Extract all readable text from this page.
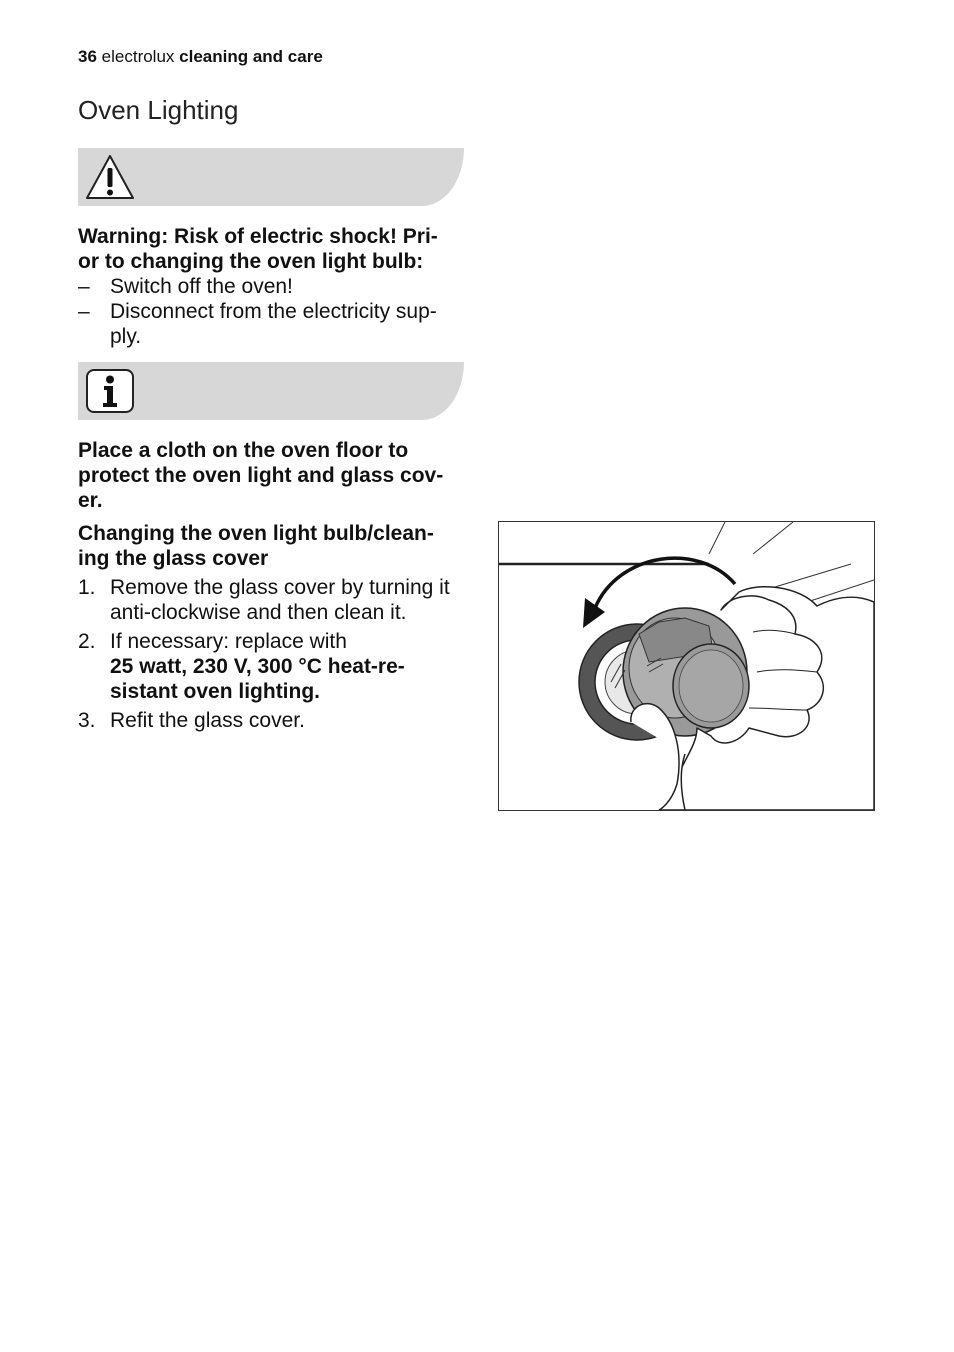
36 electrolux cleaning and care
Oven Lighting
Warning: Risk of electric shock! Pri-
or to changing the oven light bulb:
– Switch off the oven!
– Disconnect from the electricity sup-
ply.
Place a cloth on the oven floor to
protect the oven light and glass cov-
er.
Changing the oven light bulb/clean-
ing the glass cover
1. Remove the glass cover by turning it
anti-clockwise and then clean it.
2. If necessary: replace with
25 watt, 230 V, 300 °C heat-re-
sistant oven lighting.
3. Refit the glass cover.
